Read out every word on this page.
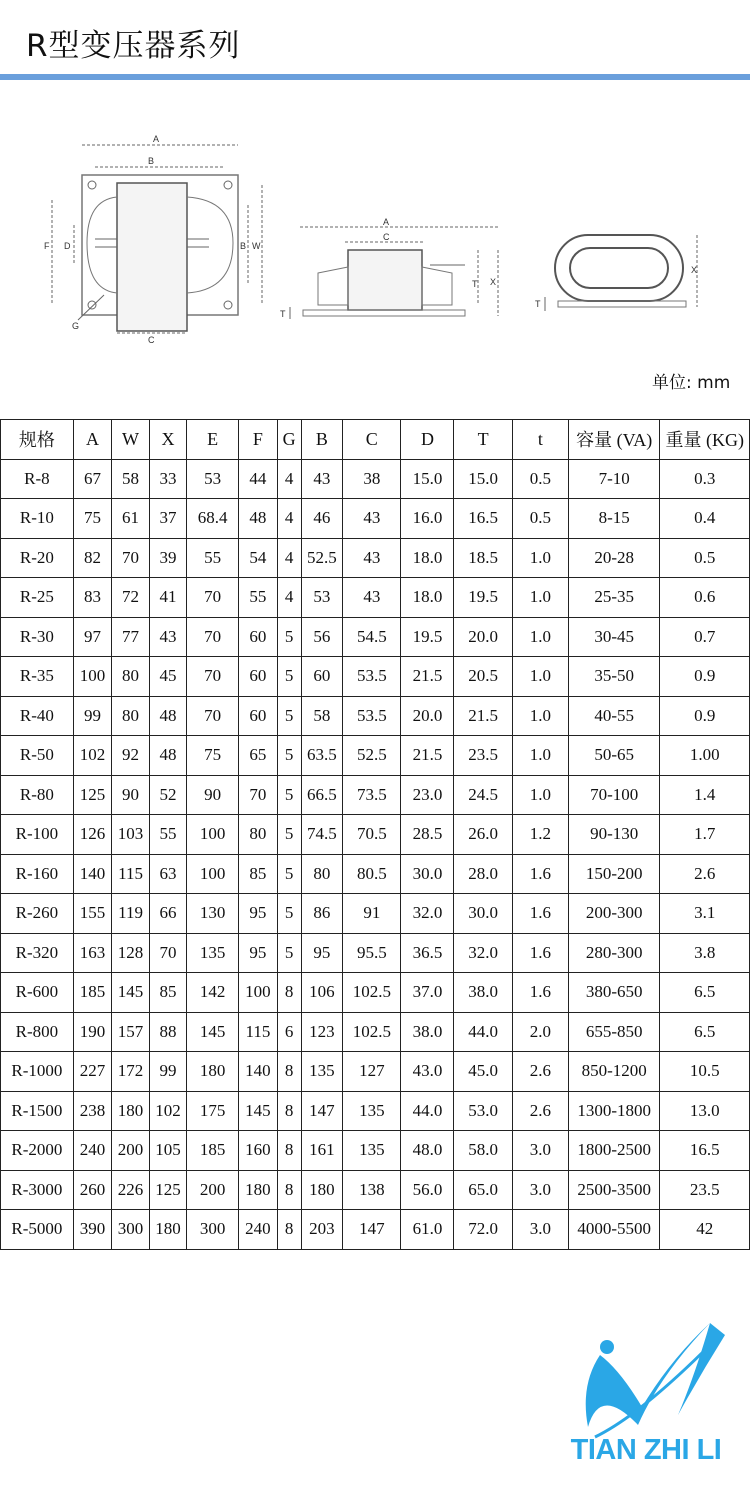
R型变压器系列
A
B
C
D
F	B W
G
A
C
X
T
T
X
T
单位: mm
规格	A	W	X	E	F	G	B	C	D	T	t	容量 (VA)	重量 (KG)
R-8	67	58	33	53	44	4	43	38	15.0	15.0	0.5	7-10	0.3
R-10	75	61	37	68.4	48	4	46	43	16.0	16.5	0.5	8-15	0.4
R-20	82	70	39	55	54	4	52.5	43	18.0	18.5	1.0	20-28	0.5
R-25	83	72	41	70	55	4	53	43	18.0	19.5	1.0	25-35	0.6
R-30	97	77	43	70	60	5	56	54.5	19.5	20.0	1.0	30-45	0.7
R-35	100	80	45	70	60	5	60	53.5	21.5	20.5	1.0	35-50	0.9
R-40	99	80	48	70	60	5	58	53.5	20.0	21.5	1.0	40-55	0.9
R-50	102	92	48	75	65	5	63.5	52.5	21.5	23.5	1.0	50-65	1.00
R-80	125	90	52	90	70	5	66.5	73.5	23.0	24.5	1.0	70-100	1.4
R-100	126	103	55	100	80	5	74.5	70.5	28.5	26.0	1.2	90-130	1.7
R-160	140	115	63	100	85	5	80	80.5	30.0	28.0	1.6	150-200	2.6
R-260	155	119	66	130	95	5	86	91	32.0	30.0	1.6	200-300	3.1
R-320	163	128	70	135	95	5	95	95.5	36.5	32.0	1.6	280-300	3.8
R-600	185	145	85	142	100	8	106	102.5	37.0	38.0	1.6	380-650	6.5
R-800	190	157	88	145	115	6	123	102.5	38.0	44.0	2.0	655-850	6.5
R-1000	227	172	99	180	140	8	135	127	43.0	45.0	2.6	850-1200	10.5
R-1500	238	180	102	175	145	8	147	135	44.0	53.0	2.6	1300-1800	13.0
R-2000	240	200	105	185	160	8	161	135	48.0	58.0	3.0	1800-2500	16.5
R-3000	260	226	125	200	180	8	180	138	56.0	65.0	3.0	2500-3500	23.5
R-5000	390	300	180	300	240	8	203	147	61.0	72.0	3.0	4000-5500	42
TIAN ZHI LI
